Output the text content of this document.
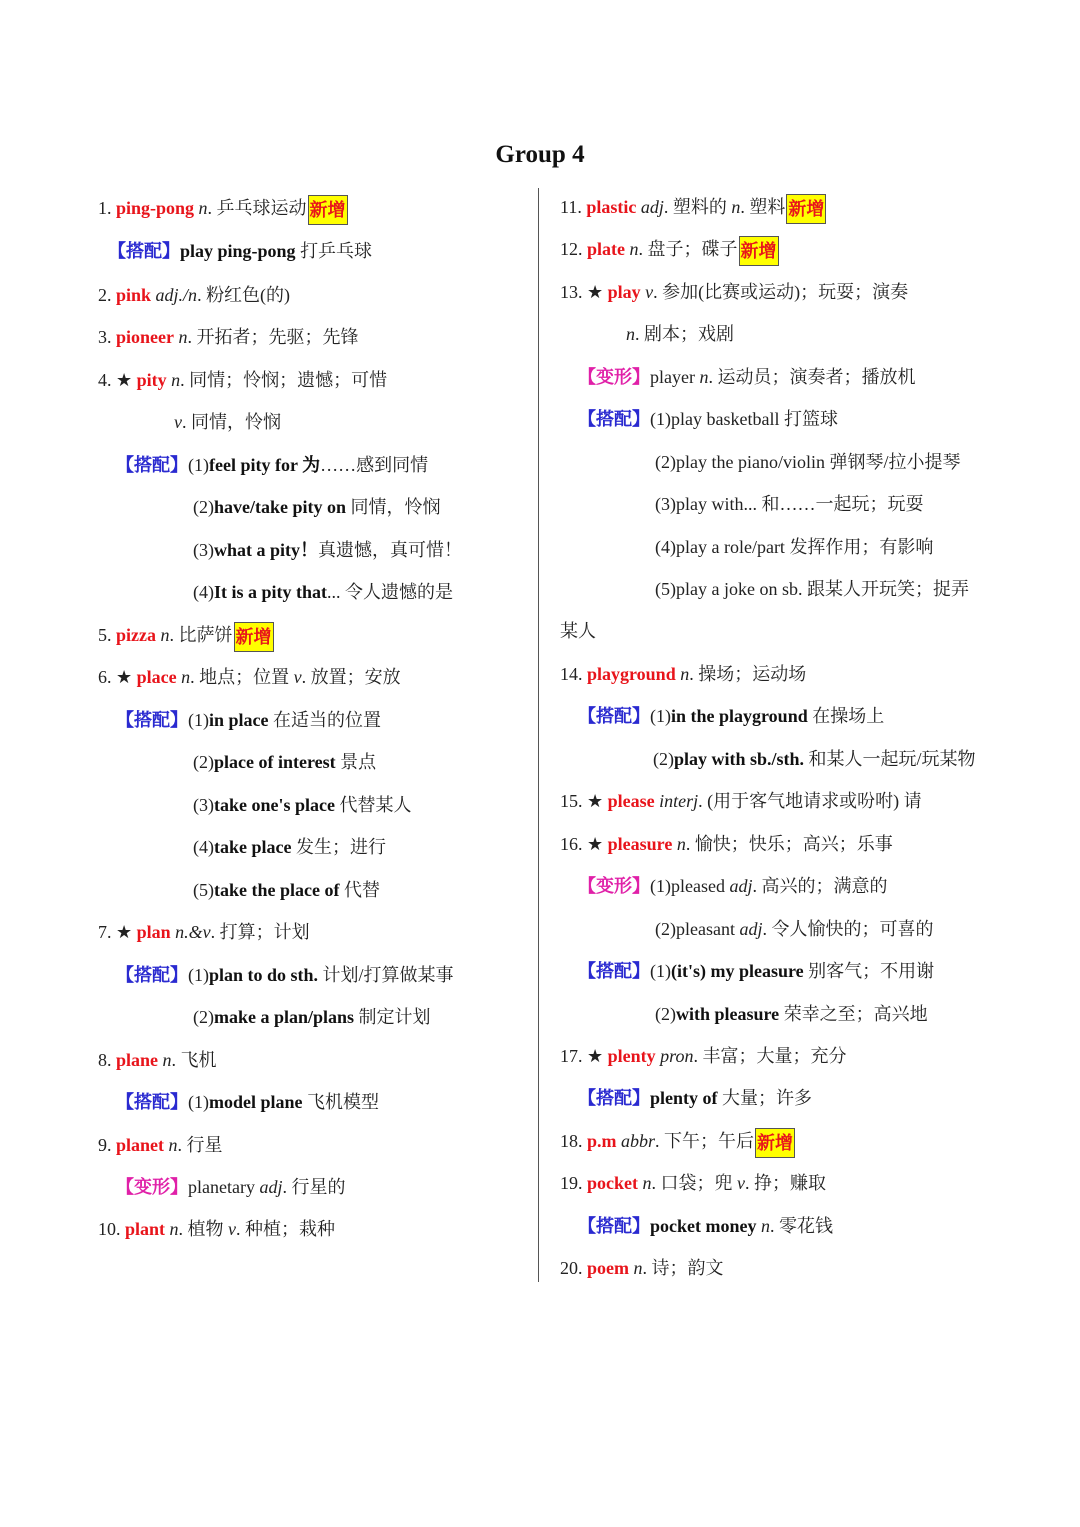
Group 4
1. ping-pong n. 乒乓球运动 新增
【搭配】play ping-pong 打乒乓球
2. pink adj./n. 粉红色(的)
3. pioneer n. 开拓者；先驱；先锋
4. ★ pity n. 同情；怜悯；遗憾；可惜
v. 同情，怜悯
【搭配】(1)feel pity for 为……感到同情
(2)have/take pity on 同情，怜悯
(3)what a pity！真遗憾，真可惜！
(4)It is a pity that... 令人遗憾的是
5. pizza n. 比萨饼 新增
6. ★ place n. 地点；位置 v. 放置；安放
【搭配】(1)in place 在适当的位置
(2)place of interest 景点
(3)take one's place 代替某人
(4)take place 发生；进行
(5)take the place of 代替
7. ★ plan n.&v. 打算；计划
【搭配】(1)plan to do sth. 计划/打算做某事
(2)make a plan/plans 制定计划
8. plane n. 飞机
【搭配】(1)model plane 飞机模型
9. planet n. 行星
【变形】planetary adj. 行星的
10. plant n. 植物 v. 种植；栽种
11. plastic adj. 塑料的 n. 塑料 新增
12. plate n. 盘子；碟子 新增
13. ★ play v. 参加(比赛或运动)；玩耍；演奏
n. 剧本；戏剧
【变形】player n. 运动员；演奏者；播放机
【搭配】(1)play basketball 打篮球
(2)play the piano/violin 弹钢琴/拉小提琴
(3)play with... 和……一起玩；玩耍
(4)play a role/part 发挥作用；有影响
(5)play a joke on sb. 跟某人开玩笑；捉弄
某人
14. playground n. 操场；运动场
【搭配】(1)in the playground 在操场上
(2)play with sb./sth. 和某人一起玩/玩某物
15. ★ please interj. (用于客气地请求或吩咐) 请
16. ★ pleasure n. 愉快；快乐；高兴；乐事
【变形】(1)pleased adj. 高兴的；满意的
(2)pleasant adj. 令人愉快的；可喜的
【搭配】(1)(it's) my pleasure 别客气；不用谢
(2)with pleasure 荣幸之至；高兴地
17. ★ plenty pron. 丰富；大量；充分
【搭配】plenty of 大量；许多
18. p.m abbr. 下午；午后 新增
19. pocket n. 口袋；兜 v. 挣；赚取
【搭配】pocket money n. 零花钱
20. poem n. 诗；韵文
